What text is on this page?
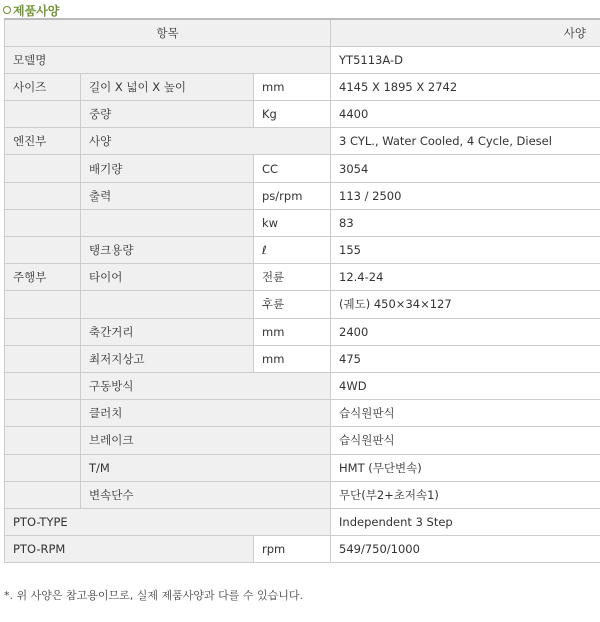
제품사양
항목			사양
모델명			YT5113A-D
사이즈	길이 X 넓이 X 높이	mm	4145 X 1895 X 2742
	중량	Kg	4400
엔진부	사양		3 CYL., Water Cooled, 4 Cycle, Diesel
	배기량	CC	3054
	출력	ps/rpm	113 / 2500
		kw	83
	탱크용량	ℓ	155
주행부	타이어	전륜	12.4-24
		후륜	(궤도) 450×34×127
	축간거리	mm	2400
	최저지상고	mm	475
	구동방식		4WD
	클러치		습식원판식
	브레이크		습식원판식
	T/M		HMT (무단변속)
	변속단수		무단(부2+초저속1)
PTO-TYPE			Independent 3 Step
PTO-RPM		rpm	549/750/1000
*. 위 사양은 참고용이므로, 실제 제품사양과 다를 수 있습니다.
